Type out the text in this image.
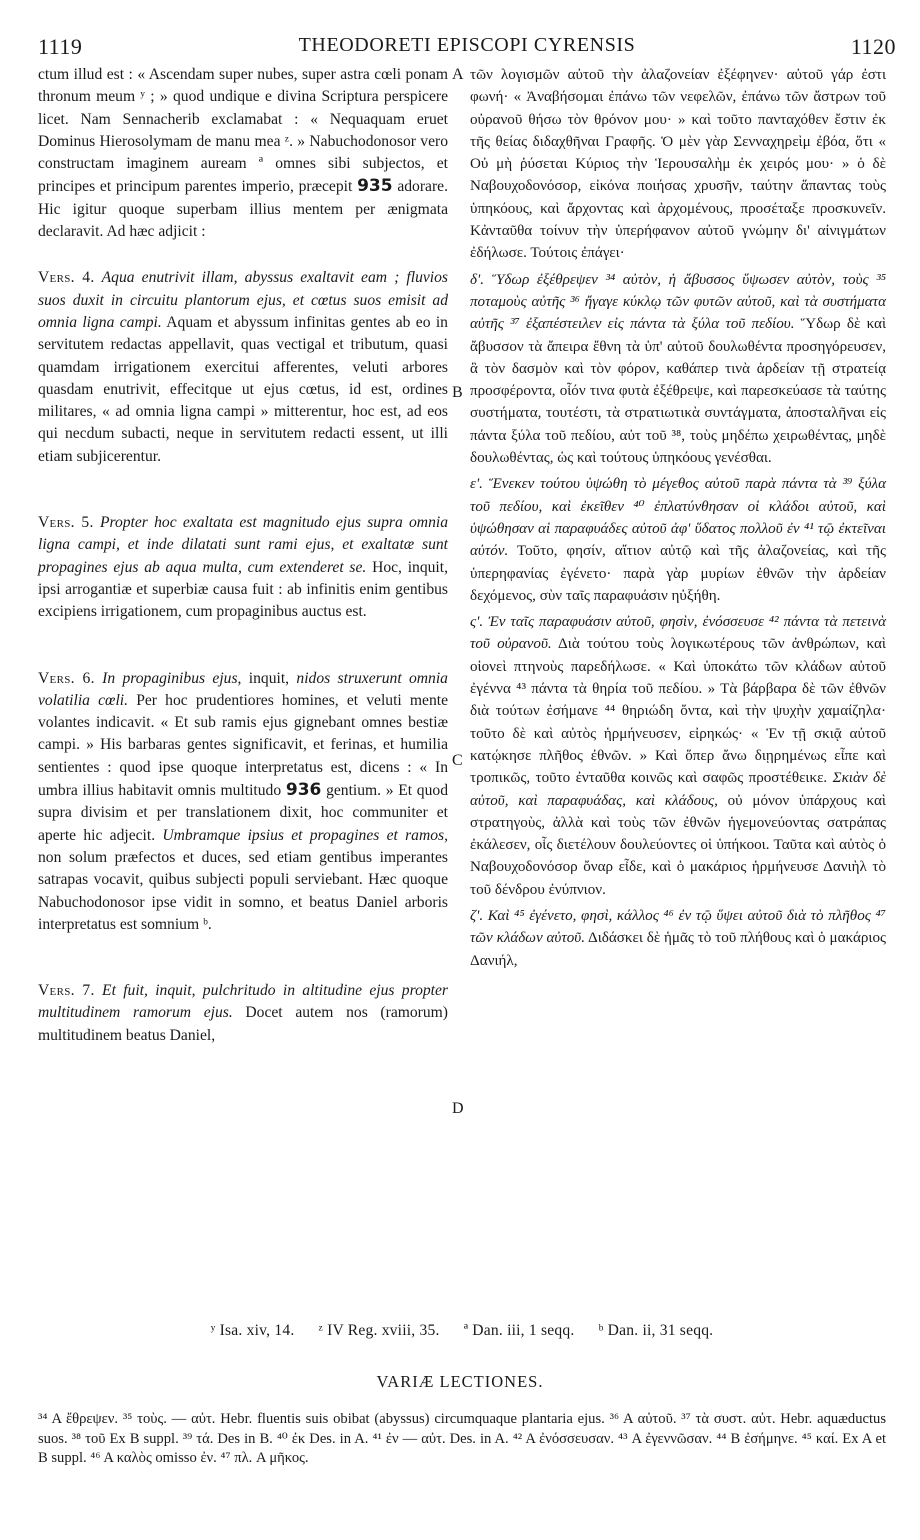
1119	THEODORETI EPISCOPI CYRENSIS	1120

ctum illud est : « Ascendam super nubes, super astra cœli ponam thronum meum ʸ ; » quod undique e divina Scriptura perspicere licet. Nam Sennacherib exclamabat : « Nequaquam eruet Dominus Hierosolymam de manu mea ᶻ. » Nabuchodonosor vero constructam imaginem auream ª omnes sibi subjectos, et principes et principum parentes imperio, præcepit 935 adorare. Hic igitur quoque superbam illius mentem per ænigmata declaravit. Ad hæc adjicit :

Vers. 4. Aqua enutrivit illam, abyssus exaltavit eam ; fluvios suos duxit in circuitu plantorum ejus, et cœtus suos emisit ad omnia ligna campi. Aquam et abyssum infinitas gentes ab eo in servitutem redactas appellavit, quas vectigal et tributum, quasi quamdam irrigationem exercitui afferentes, veluti arbores quasdam enutrivit, effecitque ut ejus cœtus, id est, ordines militares, « ad omnia ligna campi » mitterentur, hoc est, ad eos qui necdum subacti, neque in servitutem redacti essent, ut illi etiam subjicerentur.

Vers. 5. Propter hoc exaltata est magnitudo ejus supra omnia ligna campi, et inde dilatati sunt rami ejus, et exaltatæ sunt propagines ejus ab aqua multa, cum extenderet se. Hoc, inquit, ipsi arrogantiæ et superbiæ causa fuit : ab infinitis enim gentibus excipiens irrigationem, cum propaginibus auctus est.

Vers. 6. In propaginibus ejus, inquit, nidos struxerunt omnia volatilia cœli. Per hoc prudentiores homines, et veluti mente volantes indicavit. « Et sub ramis ejus gignebant omnes bestiæ campi. » His barbaras gentes significavit, et ferinas, et humilia sentientes : quod ipse quoque interpretatus est, dicens : « In umbra illius habitavit omnis multitudo 936 gentium. » Et quod supra divisim et per translationem dixit, hoc communiter et aperte hic adjecit. Umbramque ipsius et propagines et ramos, non solum præfectos et duces, sed etiam gentibus imperantes satrapas vocavit, quibus subjecti populi serviebant. Hæc quoque Nabuchodonosor ipse vidit in somno, et beatus Daniel arboris interpretatus est somnium ᵇ.

Vers. 7. Et fuit, inquit, pulchritudo in altitudine ejus propter multitudinem ramorum ejus. Docet autem nos (ramorum) multitudinem beatus Daniel,

A
B
C
D

τῶν λογισμῶν αὐτοῦ τὴν ἀλαζονείαν ἐξέφηνεν· αὐτοῦ γάρ ἐστι φωνή· « Ἀναβήσομαι ἐπάνω τῶν νεφελῶν, ἐπάνω τῶν ἄστρων τοῦ οὐρανοῦ θήσω τὸν θρόνον μου· » καὶ τοῦτο πανταχόθεν ἔστιν ἐκ τῆς θείας διδαχθῆναι Γραφῆς. Ὁ μὲν γὰρ Σενναχηρεὶμ ἐβόα, ὅτι « Οὐ μὴ ῥύσεται Κύριος τὴν Ἱερουσαλὴμ ἐκ χειρός μου· » ὁ δὲ Ναβουχοδονόσορ, εἰκόνα ποιήσας χρυσῆν, ταύτην ἅπαντας τοὺς ὑπηκόους, καὶ ἄρχοντας καὶ ἀρχομένους, προσέταξε προσκυνεῖν. Κἀνταῦθα τοίνυν τὴν ὑπερήφανον αὐτοῦ γνώμην δι' αἰνιγμάτων ἐδήλωσε. Τούτοις ἐπάγει·

δ'. Ὕδωρ ἐξέθρεψεν ³⁴ αὐτὸν, ἡ ἄβυσσος ὕψωσεν αὐτὸν, τοὺς ³⁵ ποταμοὺς αὐτῆς ³⁶ ἤγαγε κύκλῳ τῶν φυτῶν αὐτοῦ, καὶ τὰ συστήματα αὐτῆς ³⁷ ἐξαπέστειλεν εἰς πάντα τὰ ξύλα τοῦ πεδίου. Ὕδωρ δὲ καὶ ἄβυσσον τὰ ἄπειρα ἔθνη τὰ ὑπ' αὐτοῦ δουλωθέντα προσηγόρευσεν, ἃ τὸν δασμὸν καὶ τὸν φόρον, καθάπερ τινὰ ἀρδείαν τῇ στρατείᾳ προσφέροντα, οἷόν τινα φυτὰ ἐξέθρεψε, καὶ παρεσκεύασε τὰ ταύτης συστήματα, τουτέστι, τὰ στρατιωτικὰ συντάγματα, ἀποσταλῆναι εἰς πάντα ξύλα τοῦ πεδίου, αὐτ τοῦ ³⁸, τοὺς μηδέπω χειρωθέντας, μηδὲ δουλωθέντας, ὡς καὶ τούτους ὑπηκόους γενέσθαι.

ε'. Ἕνεκεν τούτου ὑψώθη τὸ μέγεθος αὐτοῦ παρὰ πάντα τὰ ³⁹ ξύλα τοῦ πεδίου, καὶ ἐκεῖθεν ⁴⁰ ἐπλατύνθησαν οἱ κλάδοι αὐτοῦ, καὶ ὑψώθησαν αἱ παραφυάδες αὐτοῦ ἀφ' ὕδατος πολλοῦ ἐν ⁴¹ τῷ ἐκτεῖναι αὐτόν. Τοῦτο, φησίν, αἴτιον αὐτῷ καὶ τῆς ἀλαζονείας, καὶ τῆς ὑπερηφανίας ἐγένετο· παρὰ γὰρ μυρίων ἐθνῶν τὴν ἀρδείαν δεχόμενος, σὺν ταῖς παραφυάσιν ηὐξήθη.

ς'. Ἐν ταῖς παραφυάσιν αὐτοῦ, φησὶν, ἐνόσσευσε ⁴² πάντα τὰ πετεινὰ τοῦ οὐρανοῦ. Διὰ τούτου τοὺς λογικωτέρους τῶν ἀνθρώπων, καὶ οἱονεὶ πτηνοὺς παρεδήλωσε. « Καὶ ὑποκάτω τῶν κλάδων αὐτοῦ ἐγέννα ⁴³ πάντα τὰ θηρία τοῦ πεδίου. » Τὰ βάρβαρα δὲ τῶν ἐθνῶν διὰ τούτων ἐσήμανε ⁴⁴ θηριώδη ὄντα, καὶ τὴν ψυχὴν χαμαίζηλα· τοῦτο δὲ καὶ αὐτὸς ἡρμήνευσεν, εἰρηκώς· « Ἐν τῇ σκιᾷ αὐτοῦ κατῴκησε πλῆθος ἐθνῶν. » Καὶ ὅπερ ἄνω διῃρημένως εἶπε καὶ τροπικῶς, τοῦτο ἐνταῦθα κοινῶς καὶ σαφῶς προστέθεικε. Σκιὰν δὲ αὐτοῦ, καὶ παραφυάδας, καὶ κλάδους, οὐ μόνον ὑπάρχους καὶ στρατηγοὺς, ἀλλὰ καὶ τοὺς τῶν ἐθνῶν ἡγεμονεύοντας σατράπας ἐκάλεσεν, οἷς διετέλουν δουλεύοντες οἱ ὑπήκοοι. Ταῦτα καὶ αὐτὸς ὁ Ναβουχοδονόσορ ὄναρ εἶδε, καὶ ὁ μακάριος ἡρμήνευσε Δανιὴλ τὸ τοῦ δένδρου ἐνύπνιον.

ζ'. Καὶ ⁴⁵ ἐγένετο, φησὶ, κάλλος ⁴⁶ ἐν τῷ ὕψει αὐτοῦ διὰ τὸ πλῆθος ⁴⁷ τῶν κλάδων αὐτοῦ. Διδάσκει δὲ ἡμᾶς τὸ τοῦ πλήθους καὶ ὁ μακάριος Δανιήλ,

ʸ Isa. xiv, 14. ᶻ IV Reg. xviii, 35. ª Dan. iii, 1 seqq. ᵇ Dan. ii, 31 seqq.
VARIÆ LECTIONES.

³⁴ A ἔθρεψεν. ³⁵ τοὺς. — αὐτ. Hebr. fluentis suis obibat (abyssus) circumquaque plantaria ejus. ³⁶ A αὐτοῦ. ³⁷ τὰ συστ. αὐτ. Hebr. aquæductus suos. ³⁸ τοῦ Ex B suppl. ³⁹ τά. Des in B. ⁴⁰ ἐκ Des. in A. ⁴¹ ἐν — αὐτ. Des. in A. ⁴² A ἐνόσσευσαν. ⁴³ A ἐγεννῶσαν. ⁴⁴ B ἐσήμηνε. ⁴⁵ καί. Ex A et B suppl. ⁴⁶ A καλὸς omisso ἐν. ⁴⁷ πλ. A μῆκος.
